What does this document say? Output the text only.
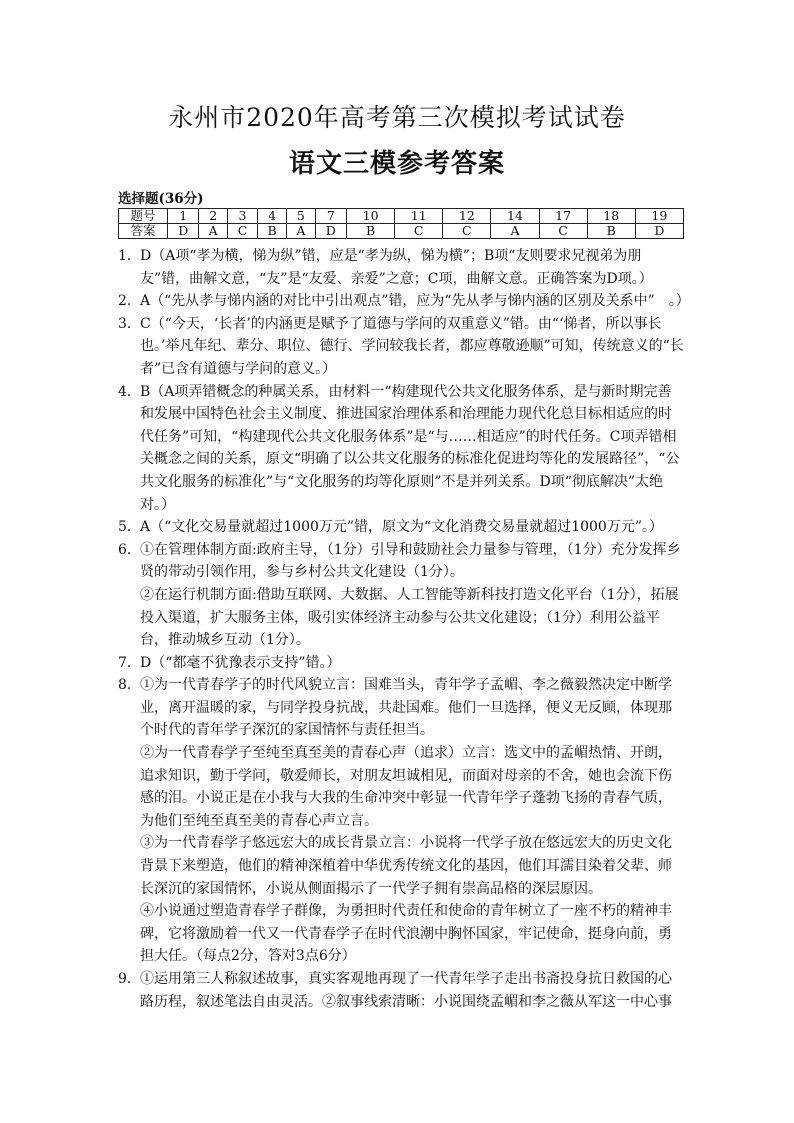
永州市2020年高考第三次模拟考试试卷
语文三模参考答案
选择题(36分)
题号	1	2	3	4	5	7	10	11	12	14	17	18	19
答案	D	A	C	B	A	D	B	C	C	A	C	B	D
1． D（A项“孝为横，悌为纵”错，应是“孝为纵，悌为横”；B项“友则要求兄视弟为朋友”错，曲解文意，“友”是“友爱、亲爱”之意；C项，曲解文意。正确答案为D项。）
2． A（“先从孝与悌内涵的对比中引出观点”错，应为“先从孝与悌内涵的区别及关系中”　。）
3． C（“今天，‘长者’的内涵更是赋予了道德与学问的双重意义”错。由“‘悌者，所以事长也。’举凡年纪、辈分、职位、德行、学问较我长者，都应尊敬逊顺”可知，传统意义的“长者”已含有道德与学问的意义。）
4． B（A项弄错概念的种属关系，由材料一“构建现代公共文化服务体系，是与新时期完善和发展中国特色社会主义制度、推进国家治理体系和治理能力现代化总目标相适应的时代任务”可知，“构建现代公共文化服务体系”是“与……相适应”的时代任务。C项弄错相关概念之间的关系，原文“明确了以公共文化服务的标准化促进均等化的发展路径”，“公共文化服务的标准化”与“文化服务的均等化原则”不是并列关系。D项“彻底解决”太绝对。）
5． A（“文化交易量就超过1000万元”错，原文为“文化消费交易量就超过1000万元”。）
6． ①在管理体制方面:政府主导，（1分）引导和鼓励社会力量参与管理，（1分）充分发挥乡贤的带动引领作用，参与乡村公共文化建设（1分）。
②在运行机制方面:借助互联网、大数据、人工智能等新科技打造文化平台（1分），拓展投入渠道，扩大服务主体，吸引实体经济主动参与公共文化建设；（1分）利用公益平台，推动城乡互动（1分）。
7． D（“都毫不犹豫表示支持”错。）
8． ①为一代青春学子的时代风貌立言：国难当头，青年学子孟嵋、李之薇毅然决定中断学业，离开温暖的家，与同学投身抗战，共赴国难。他们一旦选择，便义无反顾，体现那个时代的青年学子深沉的家国情怀与责任担当。
②为一代青春学子至纯至真至美的青春心声（追求）立言：选文中的孟嵋热情、开朗，追求知识，勤于学问，敬爱师长，对朋友坦诚相见，而面对母亲的不舍，她也会流下伤感的泪。小说正是在小我与大我的生命冲突中彰显一代青年学子蓬勃飞扬的青春气质，为他们至纯至真至美的青春心声立言。
③为一代青春学子悠远宏大的成长背景立言：小说将一代学子放在悠远宏大的历史文化背景下来塑造，他们的精神深植着中华优秀传统文化的基因，他们耳濡目染着父辈、师长深沉的家国情怀，小说从侧面揭示了一代学子拥有崇高品格的深层原因。
④小说通过塑造青春学子群像，为勇担时代责任和使命的青年树立了一座不朽的精神丰碑，它将激励着一代又一代青春学子在时代浪潮中胸怀国家，牢记使命，挺身向前，勇担大任。（每点2分，答对3点6分）
9． ①运用第三人称叙述故事，真实客观地再现了一代青年学子走出书斋投身抗日救国的心路历程，叙述笔法自由灵活。②叙事线索清晰：小说围绕孟嵋和李之薇从军这一中心事
